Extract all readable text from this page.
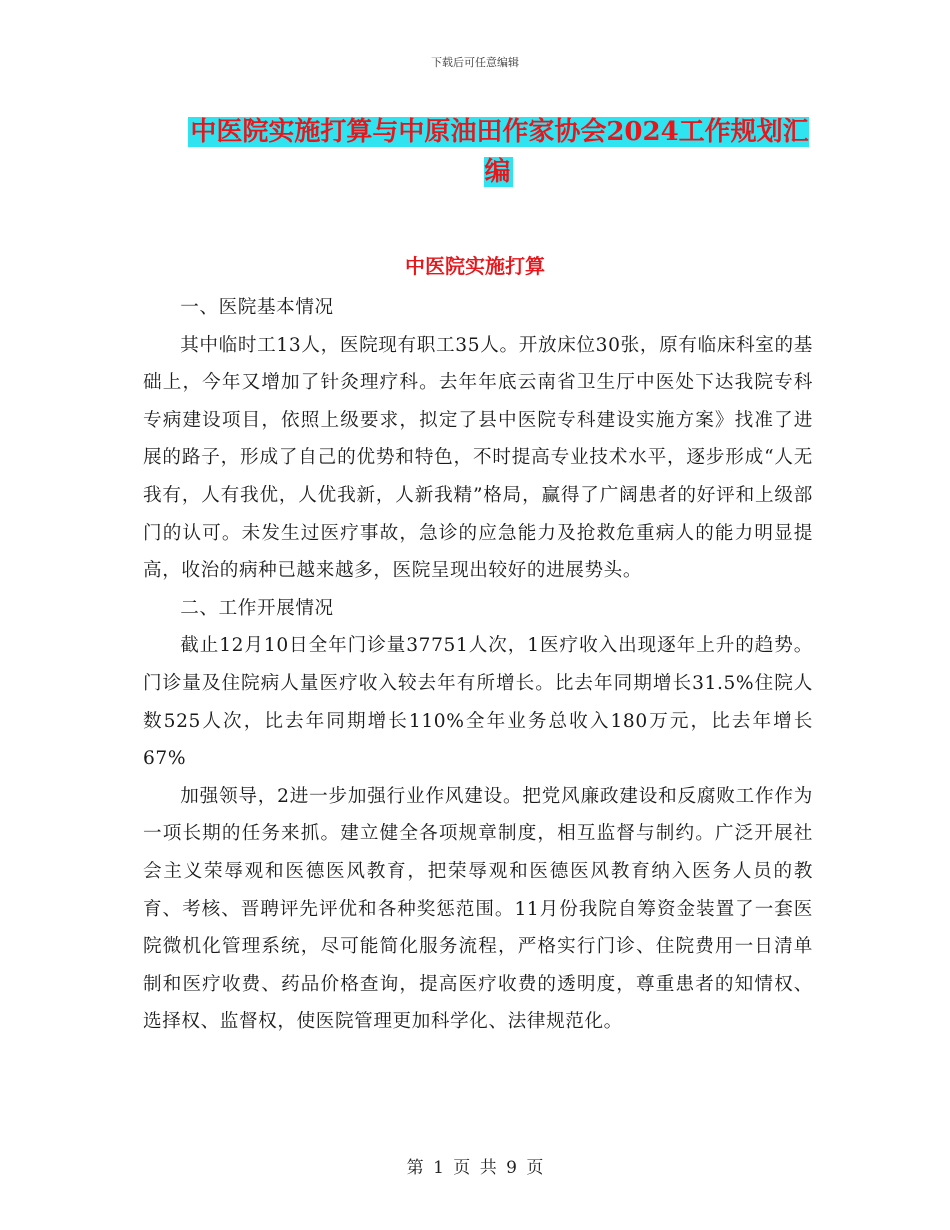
下载后可任意编辑
中医院实施打算与中原油田作家协会2024工作规划汇编
中医院实施打算

一、医院基本情况

其中临时工13人，医院现有职工35人。开放床位30张，原有临床科室的基础上，今年又增加了针灸理疗科。去年年底云南省卫生厅中医处下达我院专科专病建设项目，依照上级要求，拟定了县中医院专科建设实施方案》找准了进展的路子，形成了自己的优势和特色，不时提高专业技术水平，逐步形成“人无我有，人有我优，人优我新，人新我精”格局，赢得了广阔患者的好评和上级部门的认可。未发生过医疗事故，急诊的应急能力及抢救危重病人的能力明显提高，收治的病种已越来越多，医院呈现出较好的进展势头。

二、工作开展情况

截止12月10日全年门诊量37751人次，1医疗收入出现逐年上升的趋势。门诊量及住院病人量医疗收入较去年有所增长。比去年同期增长31.5%住院人数525人次，比去年同期增长110%全年业务总收入180万元，比去年增长67%

加强领导，2进一步加强行业作风建设。把党风廉政建设和反腐败工作作为一项长期的任务来抓。建立健全各项规章制度，相互监督与制约。广泛开展社会主义荣辱观和医德医风教育，把荣辱观和医德医风教育纳入医务人员的教育、考核、晋聘评先评优和各种奖惩范围。11月份我院自筹资金装置了一套医院微机化管理系统，尽可能简化服务流程，严格实行门诊、住院费用一日清单制和医疗收费、药品价格查询，提高医疗收费的透明度，尊重患者的知情权、选择权、监督权，使医院管理更加科学化、法律规范化。

第 1 页 共 9 页
